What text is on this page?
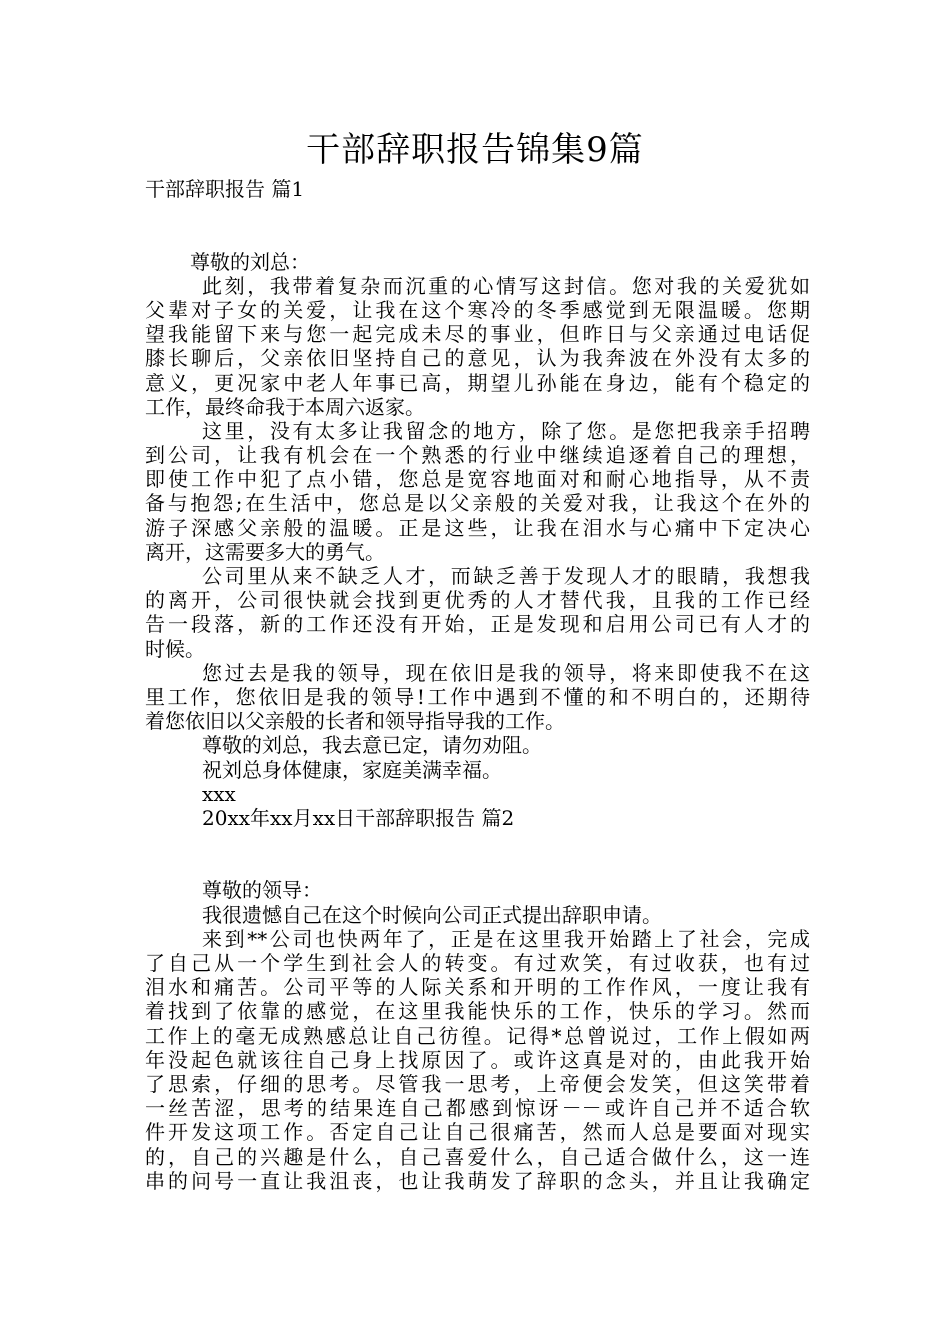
干部辞职报告锦集9篇
干部辞职报告 篇1
尊敬的刘总：
此刻，我带着复杂而沉重的心情写这封信。您对我的关爱犹如
父辈对子女的关爱，让我在这个寒冷的冬季感觉到无限温暖。您期
望我能留下来与您一起完成未尽的事业，但昨日与父亲通过电话促
膝长聊后，父亲依旧坚持自己的意见，认为我奔波在外没有太多的
意义，更况家中老人年事已高，期望儿孙能在身边，能有个稳定的
工作，最终命我于本周六返家。
这里，没有太多让我留念的地方，除了您。是您把我亲手招聘
到公司，让我有机会在一个熟悉的行业中继续追逐着自己的理想，
即使工作中犯了点小错，您总是宽容地面对和耐心地指导，从不责
备与抱怨;在生活中，您总是以父亲般的关爱对我，让我这个在外的
游子深感父亲般的温暖。正是这些，让我在泪水与心痛中下定决心
离开，这需要多大的勇气。
公司里从来不缺乏人才，而缺乏善于发现人才的眼睛，我想我
的离开，公司很快就会找到更优秀的人才替代我，且我的工作已经
告一段落，新的工作还没有开始，正是发现和启用公司已有人才的
时候。
您过去是我的领导，现在依旧是我的领导，将来即使我不在这
里工作，您依旧是我的领导!工作中遇到不懂的和不明白的，还期待
着您依旧以父亲般的长者和领导指导我的工作。
尊敬的刘总，我去意已定，请勿劝阻。
祝刘总身体健康，家庭美满幸福。
xxx
20xx年xx月xx日干部辞职报告 篇2
尊敬的领导：
我很遗憾自己在这个时候向公司正式提出辞职申请。
来到**公司也快两年了，正是在这里我开始踏上了社会，完成
了自己从一个学生到社会人的转变。有过欢笑，有过收获，也有过
泪水和痛苦。公司平等的人际关系和开明的工作作风，一度让我有
着找到了依靠的感觉，在这里我能快乐的工作，快乐的学习。然而
工作上的毫无成熟感总让自己彷徨。记得*总曾说过，工作上假如两
年没起色就该往自己身上找原因了。或许这真是对的，由此我开始
了思索，仔细的思考。尽管我一思考，上帝便会发笑，但这笑带着
一丝苦涩，思考的结果连自己都感到惊讶－－或许自己并不适合软
件开发这项工作。否定自己让自己很痛苦，然而人总是要面对现实
的，自己的兴趣是什么，自己喜爱什么，自己适合做什么，这一连
串的问号一直让我沮丧，也让我萌发了辞职的念头，并且让我确定
